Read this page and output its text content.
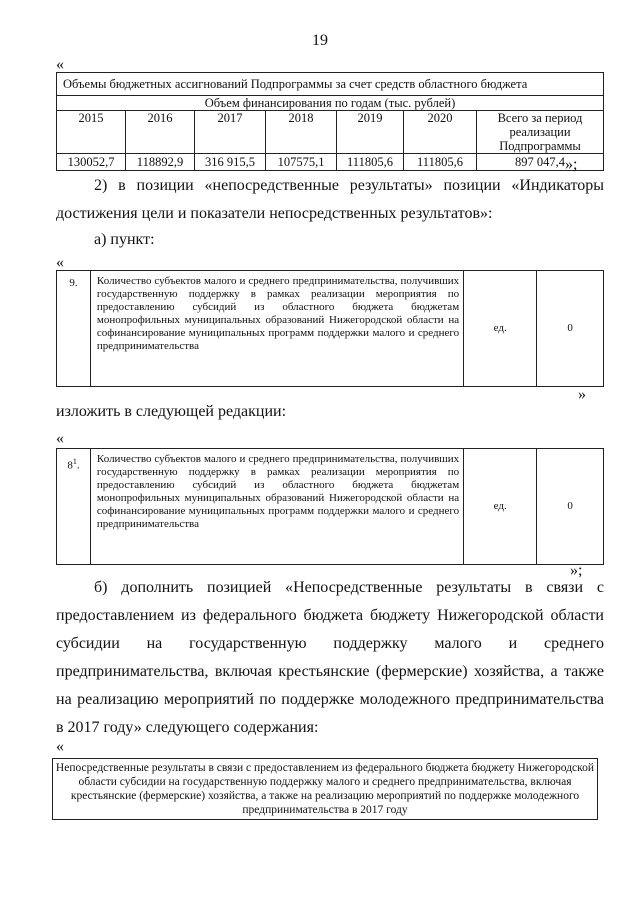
19
«
Объемы бюджетных ассигнований Подпрограммы за счет средств областного бюджета						
Объем финансирования по годам (тыс. рублей)						
2015	2016	2017	2018	2019	2020	Всего за период реализации Подпрограммы
130052,7	118892,9	316 915,5	107575,1	111805,6	111805,6	897 047,4 »;
2) в позиции «непосредственные результаты» позиции «Индикаторы достижения цели и показатели непосредственных результатов»:
а) пункт:
«
9.	Количество субъектов малого и среднего предпринимательства, получивших государственную поддержку в рамках реализации мероприятия по предоставлению субсидий из областного бюджета бюджетам монопрофильных муниципальных образований Нижегородской области на софинансирование муниципальных программ поддержки малого и среднего предпринимательства	ед.	0
»
изложить в следующей редакции:
«
$8^1$.	Количество субъектов малого и среднего предпринимательства, получивших государственную поддержку в рамках реализации мероприятия по предоставлению субсидий из областного бюджета бюджетам монопрофильных муниципальных образований Нижегородской области на софинансирование муниципальных программ поддержки малого и среднего предпринимательства	ед.	0
»;
б) дополнить позицией «Непосредственные результаты в связи с предоставлением из федерального бюджета бюджету Нижегородской области субсидии на государственную поддержку малого и среднего предпринимательства, включая крестьянские (фермерские) хозяйства, а также на реализацию мероприятий по поддержке молодежного предпринимательства в 2017 году» следующего содержания:
«
Непосредственные результаты в связи с предоставлением из федерального бюджета бюджету Нижегородской области субсидии на государственную поддержку малого и среднего предпринимательства, включая крестьянские (фермерские) хозяйства, а также на реализацию мероприятий по поддержке молодежного предпринимательства в 2017 году
